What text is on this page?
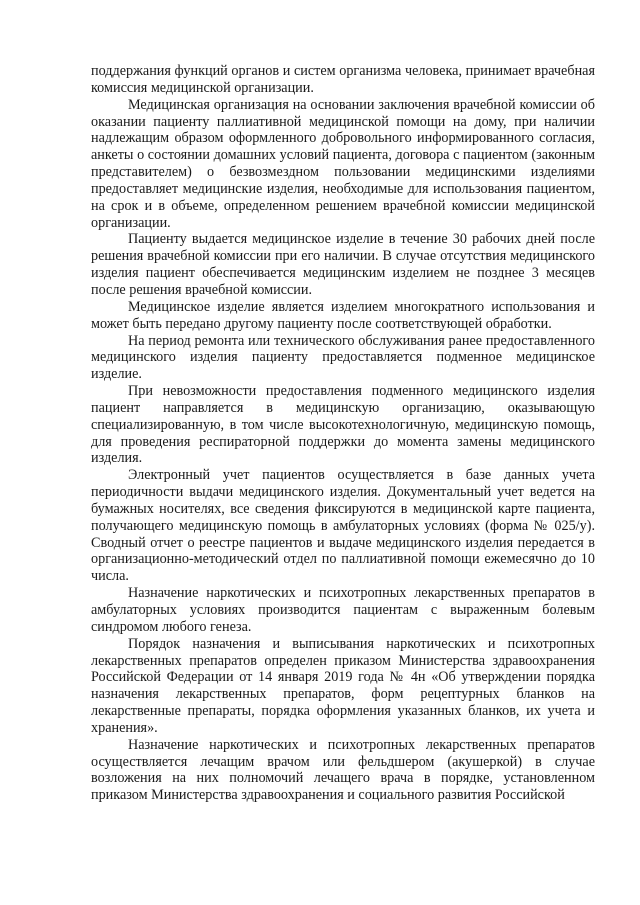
поддержания функций органов и систем организма человека, принимает врачебная комиссия медицинской организации.

Медицинская организация на основании заключения врачебной комиссии об оказании пациенту паллиативной медицинской помощи на дому, при наличии надлежащим образом оформленного добровольного информированного согласия, анкеты о состоянии домашних условий пациента, договора с пациентом (законным представителем) о безвозмездном пользовании медицинскими изделиями предоставляет медицинские изделия, необходимые для использования пациентом, на срок и в объеме, определенном решением врачебной комиссии медицинской организации.

Пациенту выдается медицинское изделие в течение 30 рабочих дней после решения врачебной комиссии при его наличии. В случае отсутствия медицинского изделия пациент обеспечивается медицинским изделием не позднее 3 месяцев после решения врачебной комиссии.

Медицинское изделие является изделием многократного использования и может быть передано другому пациенту после соответствующей обработки.

На период ремонта или технического обслуживания ранее предоставленного медицинского изделия пациенту предоставляется подменное медицинское изделие.

При невозможности предоставления подменного медицинского изделия пациент направляется в медицинскую организацию, оказывающую специализированную, в том числе высокотехнологичную, медицинскую помощь, для проведения респираторной поддержки до момента замены медицинского изделия.

Электронный учет пациентов осуществляется в базе данных учета периодичности выдачи медицинского изделия. Документальный учет ведется на бумажных носителях, все сведения фиксируются в медицинской карте пациента, получающего медицинскую помощь в амбулаторных условиях (форма № 025/у). Сводный отчет о реестре пациентов и выдаче медицинского изделия передается в организационно-методический отдел по паллиативной помощи ежемесячно до 10 числа.

Назначение наркотических и психотропных лекарственных препаратов в амбулаторных условиях производится пациентам с выраженным болевым синдромом любого генеза.

Порядок назначения и выписывания наркотических и психотропных лекарственных препаратов определен приказом Министерства здравоохранения Российской Федерации от 14 января 2019 года № 4н «Об утверждении порядка назначения лекарственных препаратов, форм рецептурных бланков на лекарственные препараты, порядка оформления указанных бланков, их учета и хранения».

Назначение наркотических и психотропных лекарственных препаратов осуществляется лечащим врачом или фельдшером (акушеркой) в случае возложения на них полномочий лечащего врача в порядке, установленном приказом Министерства здравоохранения и социального развития Российской
